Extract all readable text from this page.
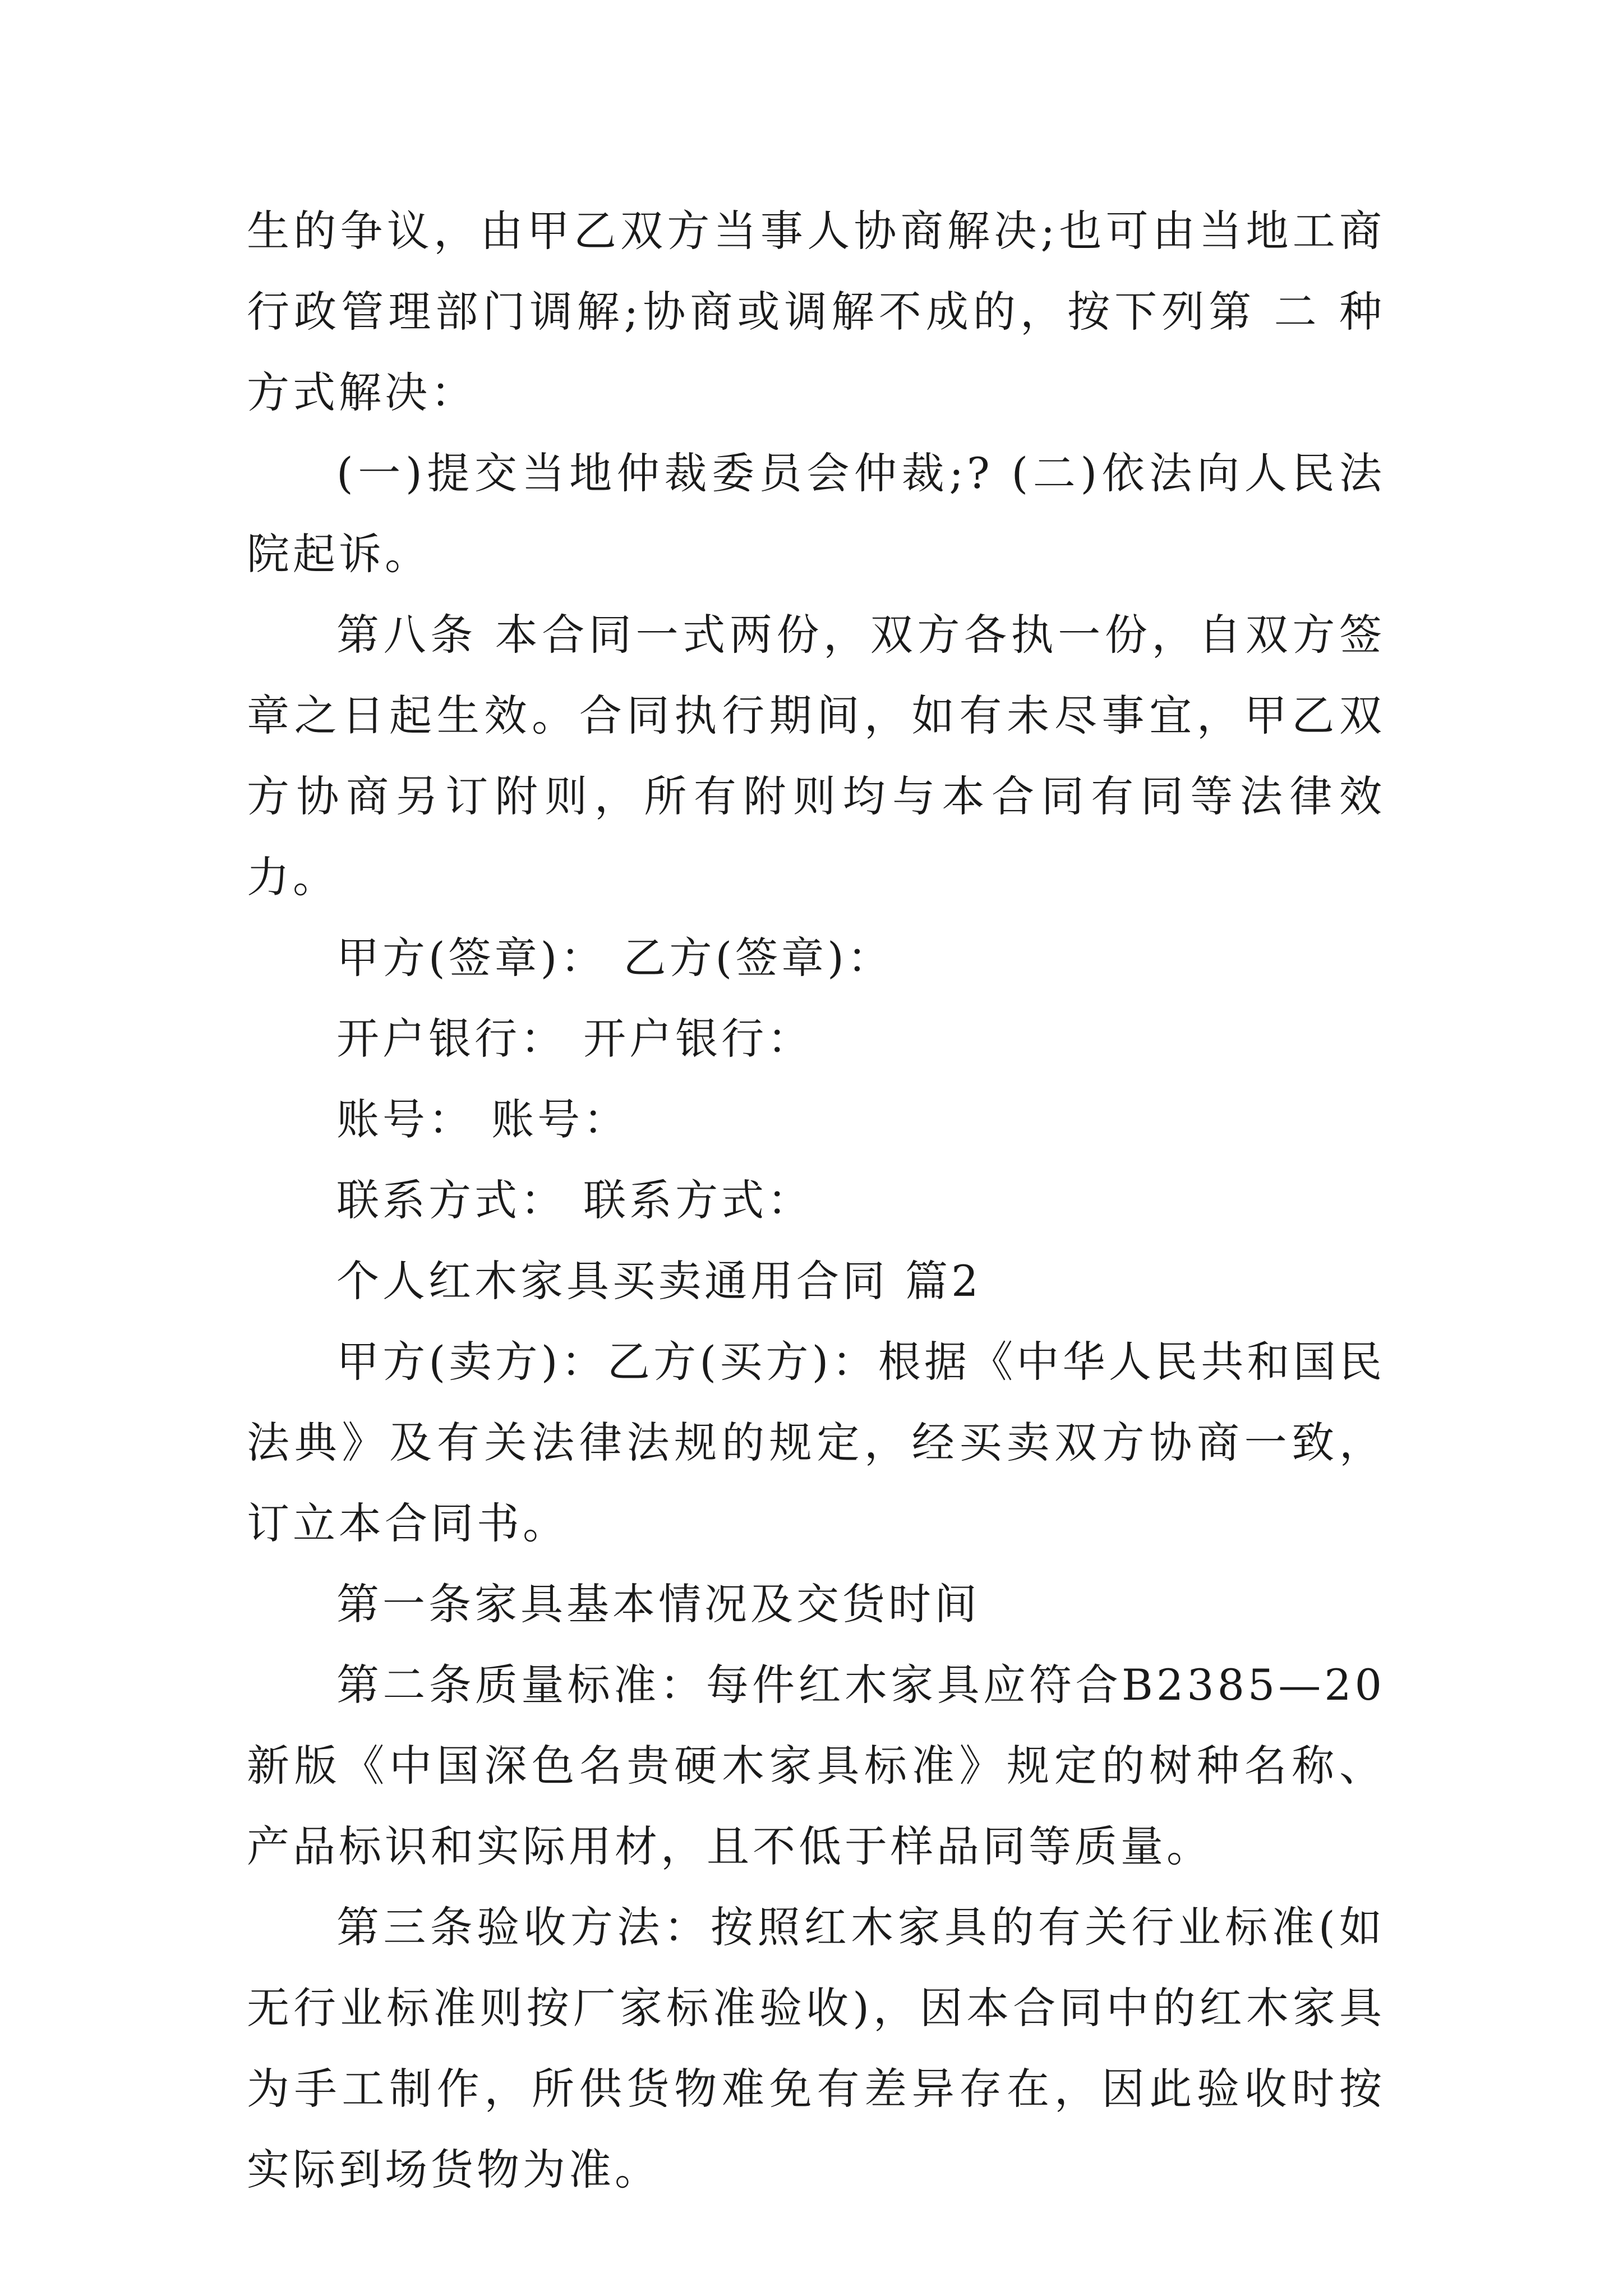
生的争议，由甲乙双方当事人协商解决;也可由当地工商行政管理部门调解;协商或调解不成的，按下列第 二 种方式解决：

(一)提交当地仲裁委员会仲裁;? (二)依法向人民法院起诉。

第八条 本合同一式两份，双方各执一份，自双方签章之日起生效。合同执行期间，如有未尽事宜，甲乙双方协商另订附则，所有附则均与本合同有同等法律效力。

甲方(签章)： 乙方(签章)：

开户银行： 开户银行：

账号： 账号：

联系方式： 联系方式：

个人红木家具买卖通用合同 篇2

甲方(卖方)：乙方(买方)：根据《中华人民共和国民法典》及有关法律法规的规定，经买卖双方协商一致，订立本合同书。

第一条家具基本情况及交货时间

第二条质量标准：每件红木家具应符合B2385—20新版《中国深色名贵硬木家具标准》规定的树种名称、产品标识和实际用材，且不低于样品同等质量。

第三条验收方法：按照红木家具的有关行业标准(如无行业标准则按厂家标准验收)，因本合同中的红木家具为手工制作，所供货物难免有差异存在，因此验收时按实际到场货物为准。
